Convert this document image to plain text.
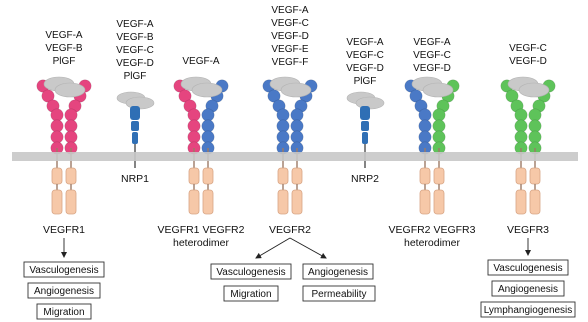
VEGF-A
VEGF-B
PlGF
VEGF-A
VEGF-B
VEGF-C
VEGF-D
PlGF
VEGF-A
VEGF-A
VEGF-C
VEGF-D
VEGF-E
VEGF-F
VEGF-A
VEGF-C
VEGF-D
PlGF
VEGF-A
VEGF-C
VEGF-D
VEGF-C
VEGF-D
VEGFR1
NRP1
VEGFR1 VEGFR2
heterodimer
VEGFR2
NRP2
VEGFR2 VEGFR3
heterodimer
VEGFR3
Vasculogenesis
Angiogenesis
Migration
Vasculogenesis Angiogenesis
Migration	Permeability
Vasculogenesis
Angiogenesis
Lymphangiogenesis
